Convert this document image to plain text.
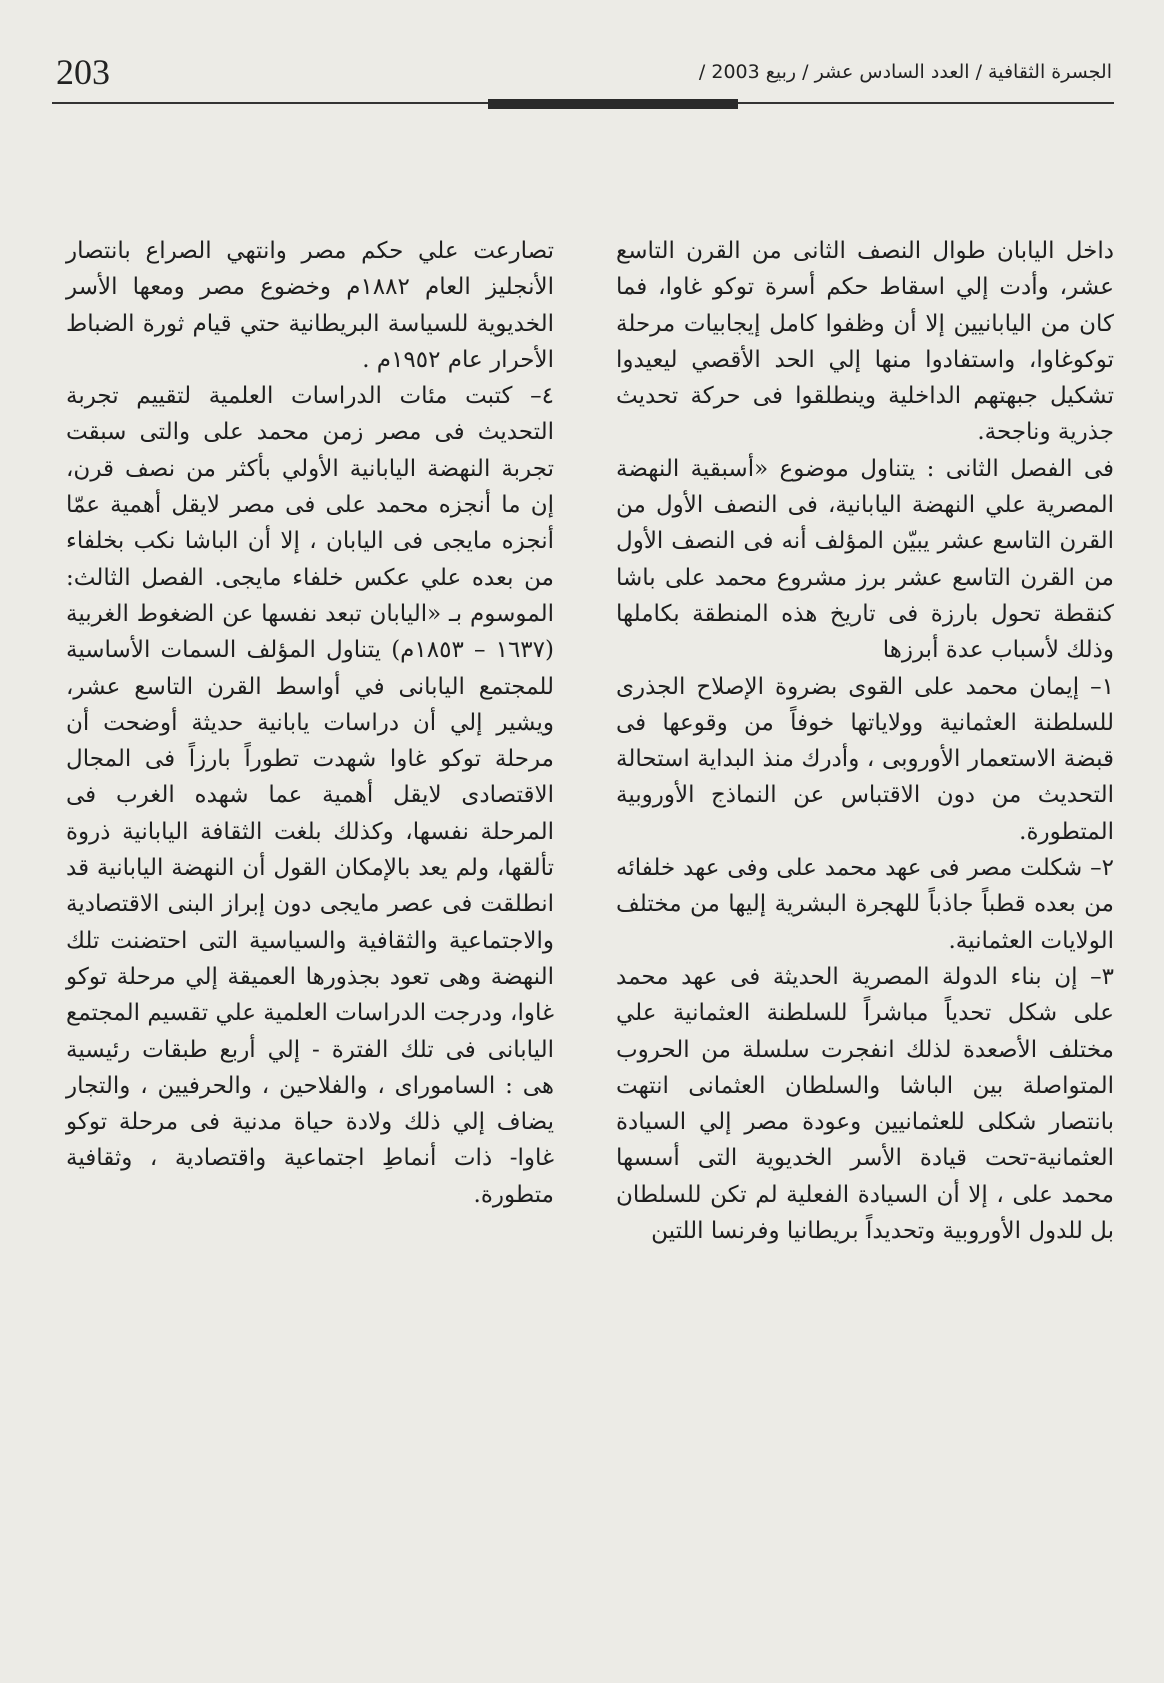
203	الجسرة الثقافية / العدد السادس عشر / ربيع 2003 /

داخل اليابان طوال النصف الثانى من القرن التاسع عشر، وأدت إلي اسقاط حكم أسرة توكو غاوا، فما كان من اليابانيين إلا أن وظفوا كامل إيجابيات مرحلة توكوغاوا، واستفادوا منها إلي الحد الأقصي ليعيدوا تشكيل جبهتهم الداخلية وينطلقوا فى حركة تحديث جذرية وناجحة.

فى الفصل الثانى : يتناول موضوع «أسبقية النهضة المصرية علي النهضة اليابانية، فى النصف الأول من القرن التاسع عشر يبيّن المؤلف أنه فى النصف الأول من القرن التاسع عشر برز مشروع محمد على باشا كنقطة تحول بارزة فى تاريخ هذه المنطقة بكاملها وذلك لأسباب عدة أبرزها

١– إيمان محمد على القوى بضروة الإصلاح الجذرى للسلطنة العثمانية وولاياتها خوفاً من وقوعها فى قبضة الاستعمار الأوروبى ، وأدرك منذ البداية استحالة التحديث من دون الاقتباس عن النماذج الأوروبية المتطورة.

٢– شكلت مصر فى عهد محمد على وفى عهد خلفائه من بعده قطباً جاذباً للهجرة البشرية إليها من مختلف الولايات العثمانية.

٣– إن بناء الدولة المصرية الحديثة فى عهد محمد على شكل تحدياً مباشراً للسلطنة العثمانية علي مختلف الأصعدة لذلك انفجرت سلسلة من الحروب المتواصلة بين الباشا والسلطان العثمانى انتهت بانتصار شكلى للعثمانيين وعودة مصر إلي السيادة العثمانية-تحت قيادة الأسر الخديوية التى أسسها محمد على ، إلا أن السيادة الفعلية لم تكن للسلطان بل للدول الأوروبية وتحديداً بريطانيا وفرنسا اللتين

تصارعت علي حكم مصر وانتهي الصراع بانتصار الأنجليز العام ١٨٨٢م وخضوع مصر ومعها الأسر الخديوية للسياسة البريطانية حتي قيام ثورة الضباط الأحرار عام ١٩٥٢م .

٤– كتبت مئات الدراسات العلمية لتقييم تجربة التحديث فى مصر زمن محمد على والتى سبقت تجربة النهضة اليابانية الأولي بأكثر من نصف قرن، إن ما أنجزه محمد على فى مصر لايقل أهمية عمّا أنجزه مايجى فى اليابان ، إلا أن الباشا نكب بخلفاء من بعده علي عكس خلفاء مايجى. الفصل الثالث: الموسوم بـ «اليابان تبعد نفسها عن الضغوط الغربية (١٦٣٧ – ١٨٥٣م) يتناول المؤلف السمات الأساسية للمجتمع اليابانى في أواسط القرن التاسع عشر، ويشير إلي أن دراسات يابانية حديثة أوضحت أن مرحلة توكو غاوا شهدت تطوراً بارزاً فى المجال الاقتصادى لايقل أهمية عما شهده الغرب فى المرحلة نفسها، وكذلك بلغت الثقافة اليابانية ذروة تألقها، ولم يعد بالإمكان القول أن النهضة اليابانية قد انطلقت فى عصر مايجى دون إبراز البنى الاقتصادية والاجتماعية والثقافية والسياسية التى احتضنت تلك النهضة وهى تعود بجذورها العميقة إلي مرحلة توكو غاوا، ودرجت الدراسات العلمية علي تقسيم المجتمع اليابانى فى تلك الفترة - إلي أربع طبقات رئيسية هى : الساموراى ، والفلاحين ، والحرفيين ، والتجار يضاف إلي ذلك ولادة حياة مدنية فى مرحلة توكو غاوا- ذات أنماطِ اجتماعية واقتصادية ، وثقافية متطورة.
